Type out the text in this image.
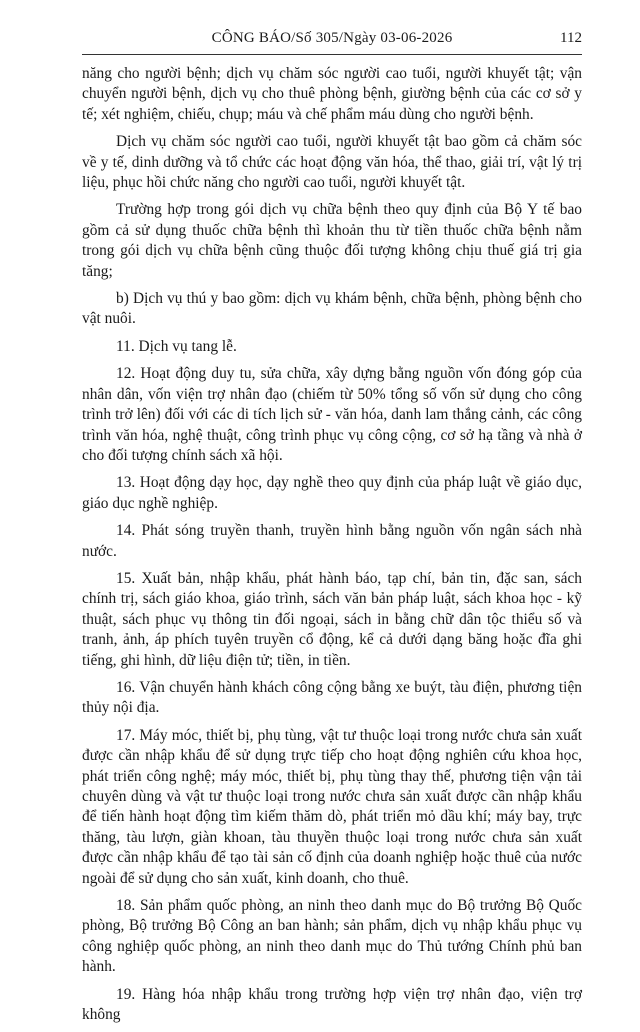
CÔNG BÁO/Số 305/Ngày 03-06-2026	112

năng cho người bệnh; dịch vụ chăm sóc người cao tuổi, người khuyết tật; vận chuyển người bệnh, dịch vụ cho thuê phòng bệnh, giường bệnh của các cơ sở y tế; xét nghiệm, chiếu, chụp; máu và chế phẩm máu dùng cho người bệnh.

Dịch vụ chăm sóc người cao tuổi, người khuyết tật bao gồm cả chăm sóc về y tế, dinh dưỡng và tổ chức các hoạt động văn hóa, thể thao, giải trí, vật lý trị liệu, phục hồi chức năng cho người cao tuổi, người khuyết tật.

Trường hợp trong gói dịch vụ chữa bệnh theo quy định của Bộ Y tế bao gồm cả sử dụng thuốc chữa bệnh thì khoản thu từ tiền thuốc chữa bệnh nằm trong gói dịch vụ chữa bệnh cũng thuộc đối tượng không chịu thuế giá trị gia tăng;

b) Dịch vụ thú y bao gồm: dịch vụ khám bệnh, chữa bệnh, phòng bệnh cho vật nuôi.

11. Dịch vụ tang lễ.

12. Hoạt động duy tu, sửa chữa, xây dựng bằng nguồn vốn đóng góp của nhân dân, vốn viện trợ nhân đạo (chiếm từ 50% tổng số vốn sử dụng cho công trình trở lên) đối với các di tích lịch sử - văn hóa, danh lam thắng cảnh, các công trình văn hóa, nghệ thuật, công trình phục vụ công cộng, cơ sở hạ tầng và nhà ở cho đối tượng chính sách xã hội.

13. Hoạt động dạy học, dạy nghề theo quy định của pháp luật về giáo dục, giáo dục nghề nghiệp.

14. Phát sóng truyền thanh, truyền hình bằng nguồn vốn ngân sách nhà nước.

15. Xuất bản, nhập khẩu, phát hành báo, tạp chí, bản tin, đặc san, sách chính trị, sách giáo khoa, giáo trình, sách văn bản pháp luật, sách khoa học - kỹ thuật, sách phục vụ thông tin đối ngoại, sách in bằng chữ dân tộc thiểu số và tranh, ảnh, áp phích tuyên truyền cổ động, kể cả dưới dạng băng hoặc đĩa ghi tiếng, ghi hình, dữ liệu điện tử; tiền, in tiền.

16. Vận chuyển hành khách công cộng bằng xe buýt, tàu điện, phương tiện thủy nội địa.

17. Máy móc, thiết bị, phụ tùng, vật tư thuộc loại trong nước chưa sản xuất được cần nhập khẩu để sử dụng trực tiếp cho hoạt động nghiên cứu khoa học, phát triển công nghệ; máy móc, thiết bị, phụ tùng thay thế, phương tiện vận tải chuyên dùng và vật tư thuộc loại trong nước chưa sản xuất được cần nhập khẩu để tiến hành hoạt động tìm kiếm thăm dò, phát triển mỏ dầu khí; máy bay, trực thăng, tàu lượn, giàn khoan, tàu thuyền thuộc loại trong nước chưa sản xuất được cần nhập khẩu để tạo tài sản cố định của doanh nghiệp hoặc thuê của nước ngoài để sử dụng cho sản xuất, kinh doanh, cho thuê.

18. Sản phẩm quốc phòng, an ninh theo danh mục do Bộ trưởng Bộ Quốc phòng, Bộ trưởng Bộ Công an ban hành; sản phẩm, dịch vụ nhập khẩu phục vụ công nghiệp quốc phòng, an ninh theo danh mục do Thủ tướng Chính phủ ban hành.

19. Hàng hóa nhập khẩu trong trường hợp viện trợ nhân đạo, viện trợ không
